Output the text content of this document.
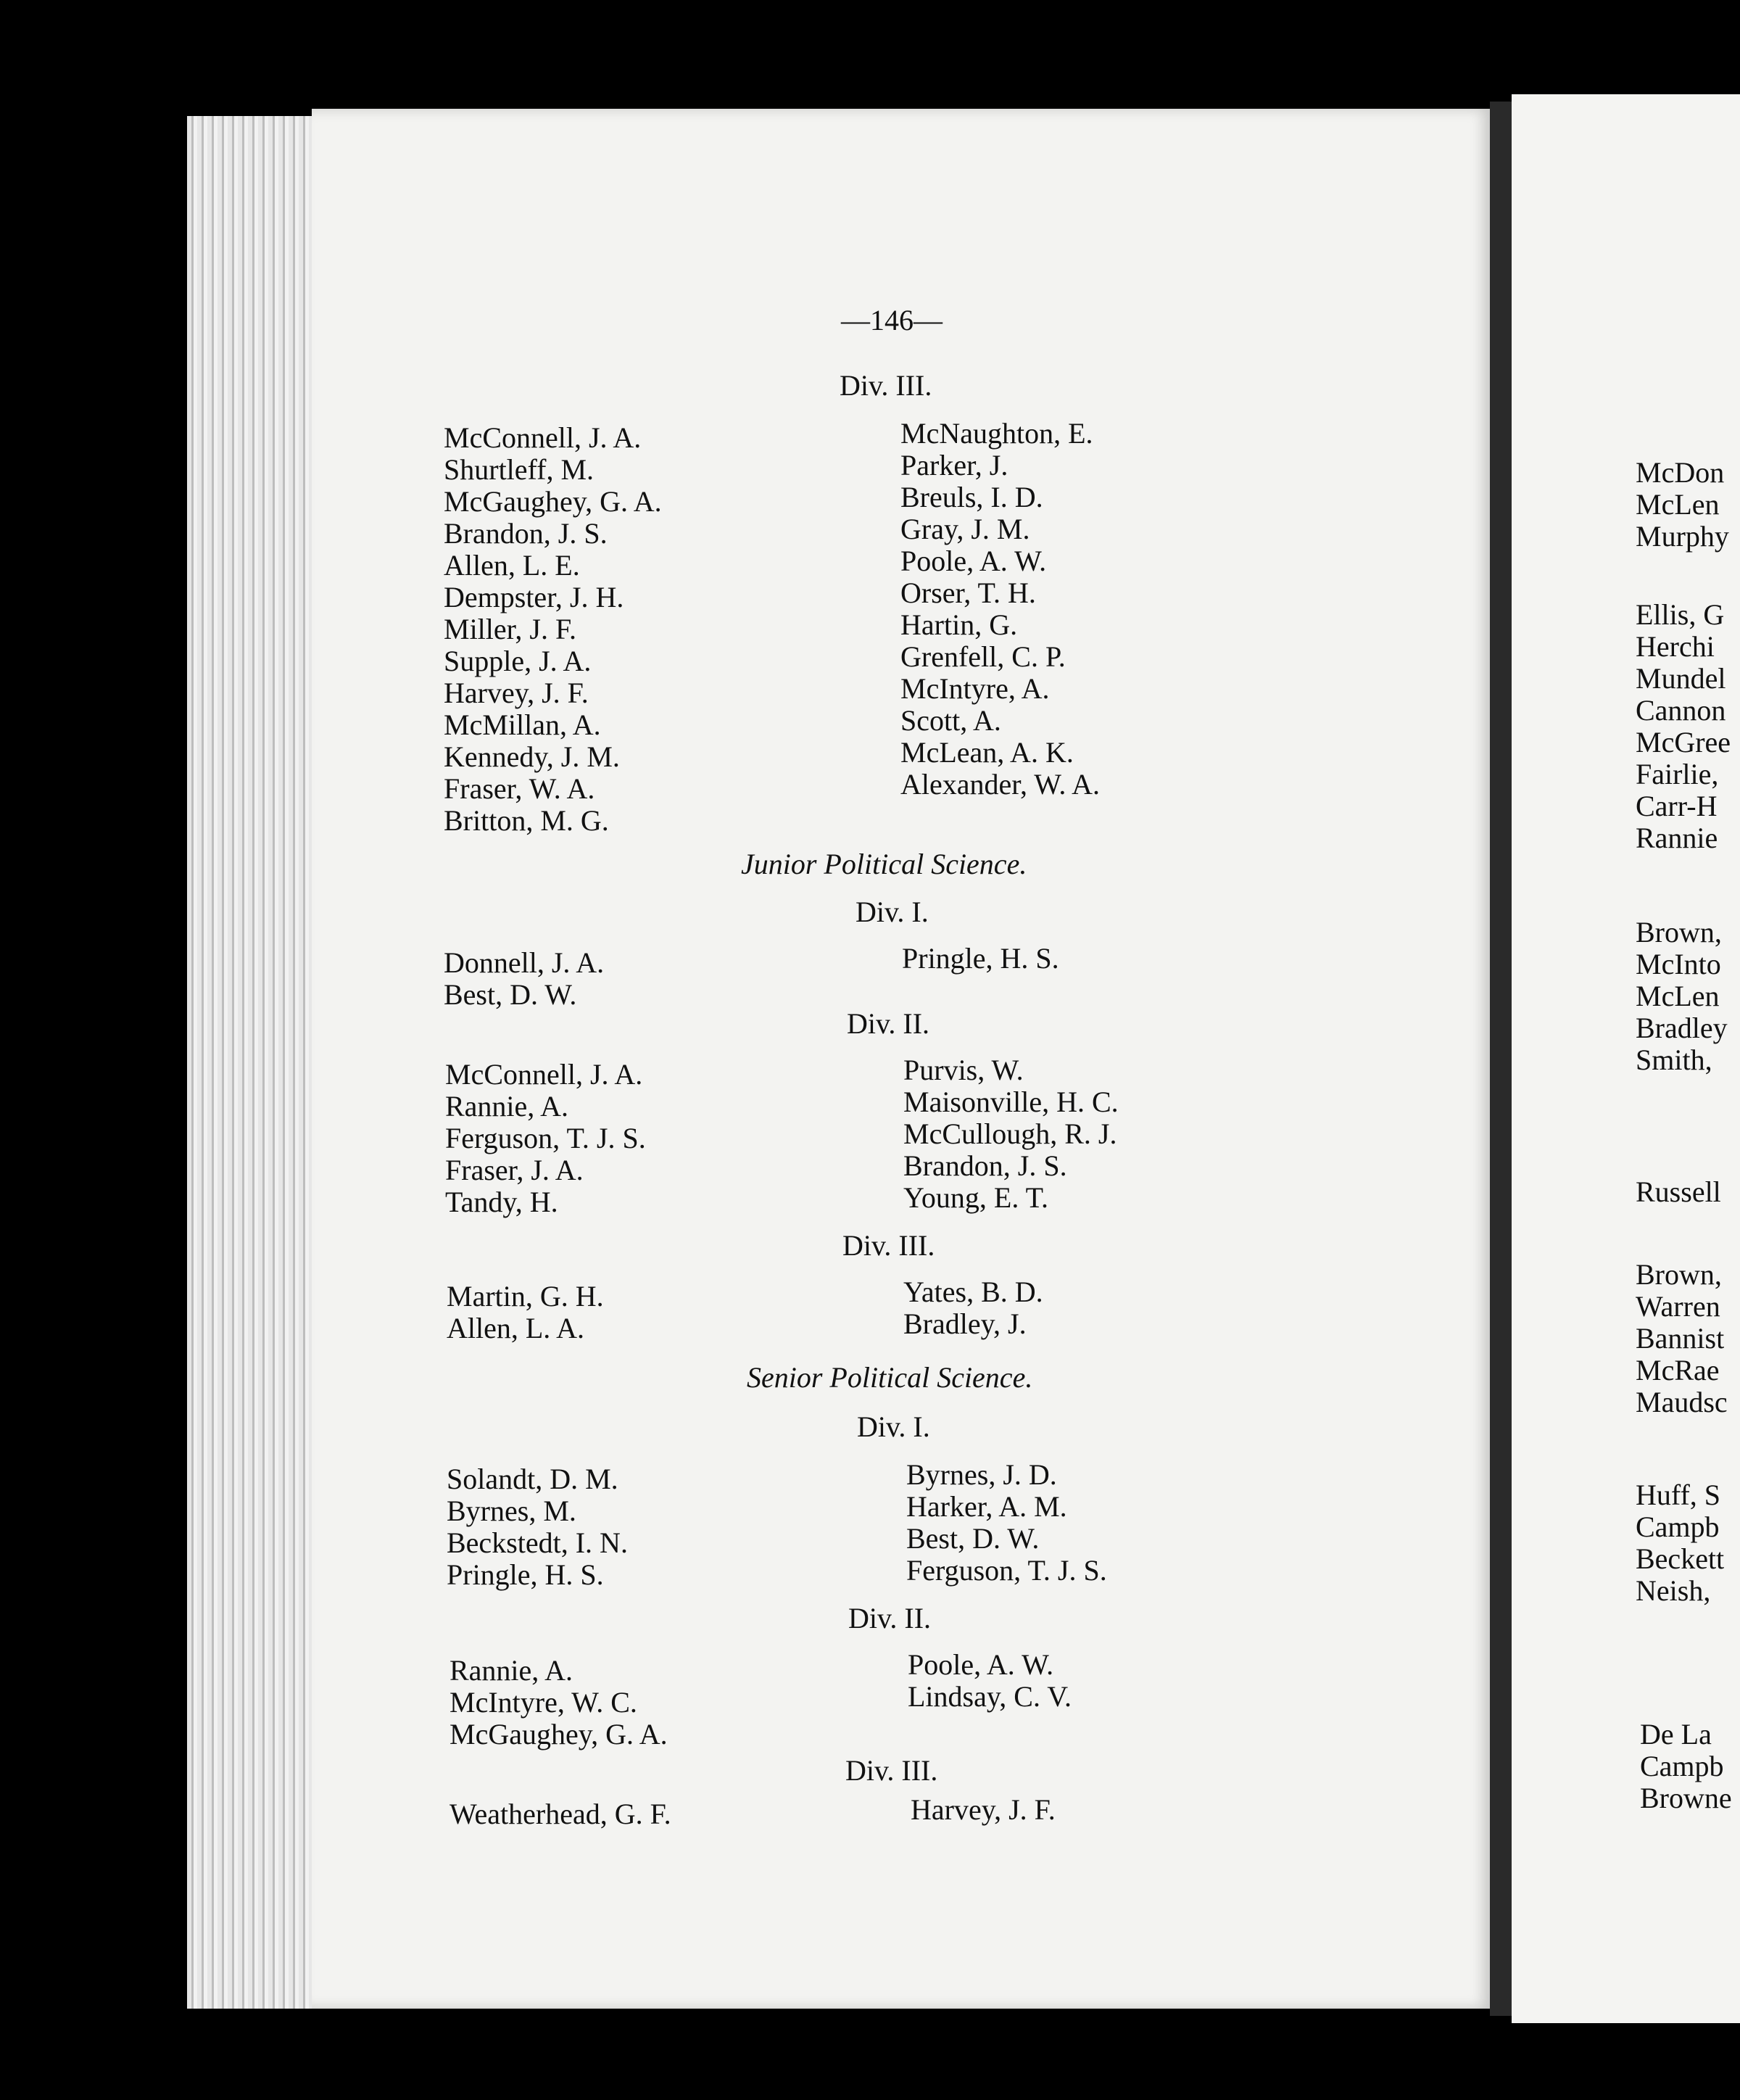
—146—
Div. III.
McConnell, J. A.
Shurtleff, M.
McGaughey, G. A.
Brandon, J. S.
Allen, L. E.
Dempster, J. H.
Miller, J. F.
Supple, J. A.
Harvey, J. F.
McMillan, A.
Kennedy, J. M.
Fraser, W. A.
Britton, M. G.
McNaughton, E.
Parker, J.
Breuls, I. D.
Gray, J. M.
Poole, A. W.
Orser, T. H.
Hartin, G.
Grenfell, C. P.
McIntyre, A.
Scott, A.
McLean, A. K.
Alexander, W. A.
Junior Political Science.
Div. I.
Donnell, J. A.
Best, D. W.
Pringle, H. S.
Div. II.
McConnell, J. A.
Rannie, A.
Ferguson, T. J. S.
Fraser, J. A.
Tandy, H.
Purvis, W.
Maisonville, H. C.
McCullough, R. J.
Brandon, J. S.
Young, E. T.
Div. III.
Martin, G. H.
Allen, L. A.
Yates, B. D.
Bradley, J.
Senior Political Science.
Div. I.
Solandt, D. M.
Byrnes, M.
Beckstedt, I. N.
Pringle, H. S.
Byrnes, J. D.
Harker, A. M.
Best, D. W.
Ferguson, T. J. S.
Div. II.
Rannie, A.
McIntyre, W. C.
McGaughey, G. A.
Poole, A. W.
Lindsay, C. V.
Div. III.
Weatherhead, G. F.	Harvey, J. F.
McDon
McLen
Murphy
Ellis, G
Herchi
Mundel
Cannon
McGree
Fairlie,
Carr-H
Rannie
Brown,
McInto
McLen
Bradley
Smith,
Russell
Brown,
Warren
Bannist
McRae
Maudsc
Huff, S
Campb
Beckett
Neish,
De La
Campb
Browne
